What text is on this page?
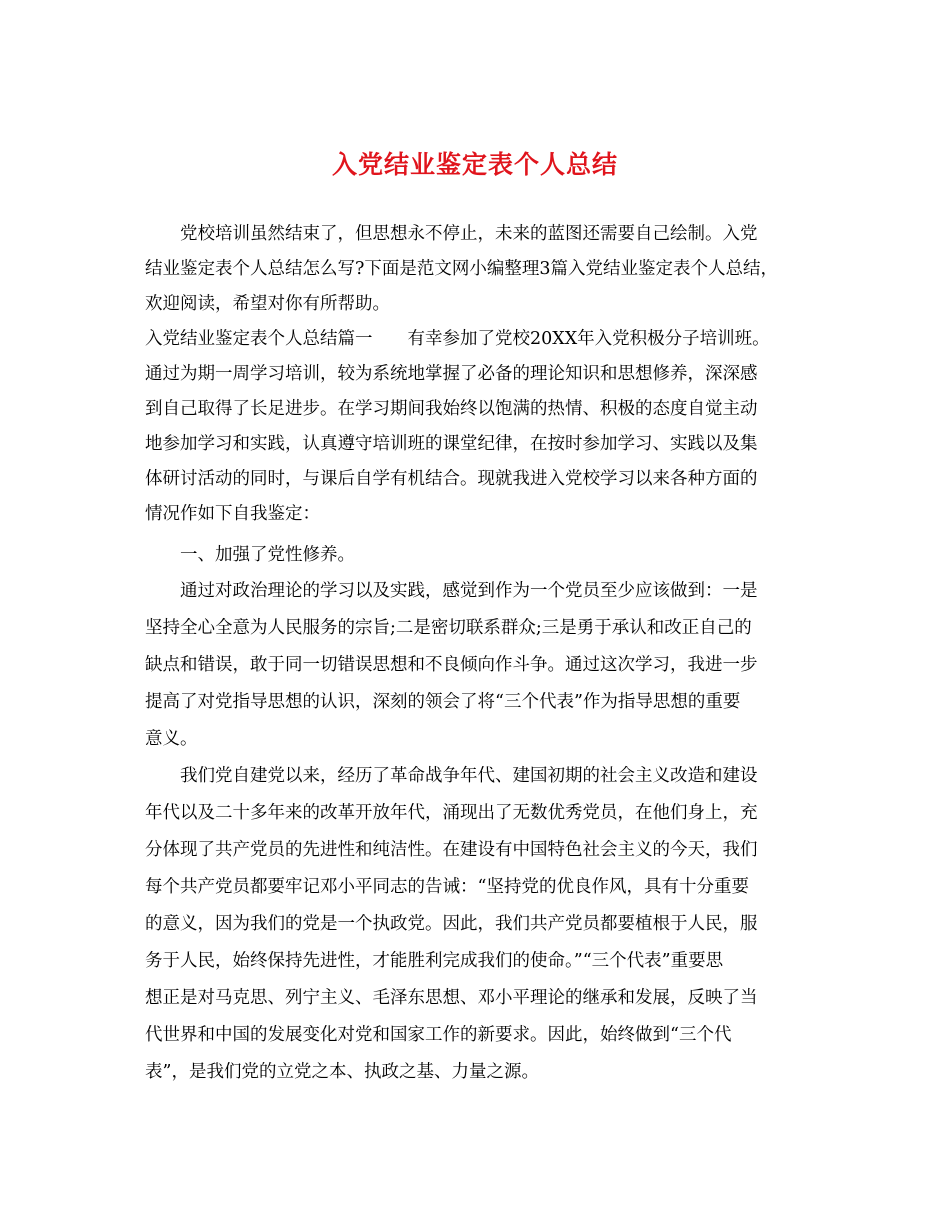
入党结业鉴定表个人总结

党校培训虽然结束了，但思想永不停止，未来的蓝图还需要自己绘制。入党

结业鉴定表个人总结怎么写?下面是范文网小编整理3篇入党结业鉴定表个人总结，

欢迎阅读，希望对你有所帮助。

入党结业鉴定表个人总结篇一　　有幸参加了党校20XX年入党积极分子培训班。

通过为期一周学习培训，较为系统地掌握了必备的理论知识和思想修养，深深感

到自己取得了长足进步。在学习期间我始终以饱满的热情、积极的态度自觉主动

地参加学习和实践，认真遵守培训班的课堂纪律，在按时参加学习、实践以及集

体研讨活动的同时，与课后自学有机结合。现就我进入党校学习以来各种方面的

情况作如下自我鉴定：

一、加强了党性修养。

通过对政治理论的学习以及实践，感觉到作为一个党员至少应该做到：一是

坚持全心全意为人民服务的宗旨;二是密切联系群众;三是勇于承认和改正自己的

缺点和错误，敢于同一切错误思想和不良倾向作斗争。通过这次学习，我进一步

提高了对党指导思想的认识，深刻的领会了将“三个代表”作为指导思想的重要

意义。

我们党自建党以来，经历了革命战争年代、建国初期的社会主义改造和建设

年代以及二十多年来的改革开放年代，涌现出了无数优秀党员，在他们身上，充

分体现了共产党员的先进性和纯洁性。在建设有中国特色社会主义的今天，我们

每个共产党员都要牢记邓小平同志的告诫：“坚持党的优良作风，具有十分重要

的意义，因为我们的党是一个执政党。因此，我们共产党员都要植根于人民，服

务于人民，始终保持先进性，才能胜利完成我们的使命。”“三个代表”重要思

想正是对马克思、列宁主义、毛泽东思想、邓小平理论的继承和发展，反映了当

代世界和中国的发展变化对党和国家工作的新要求。因此，始终做到“三个代

表”，是我们党的立党之本、执政之基、力量之源。
